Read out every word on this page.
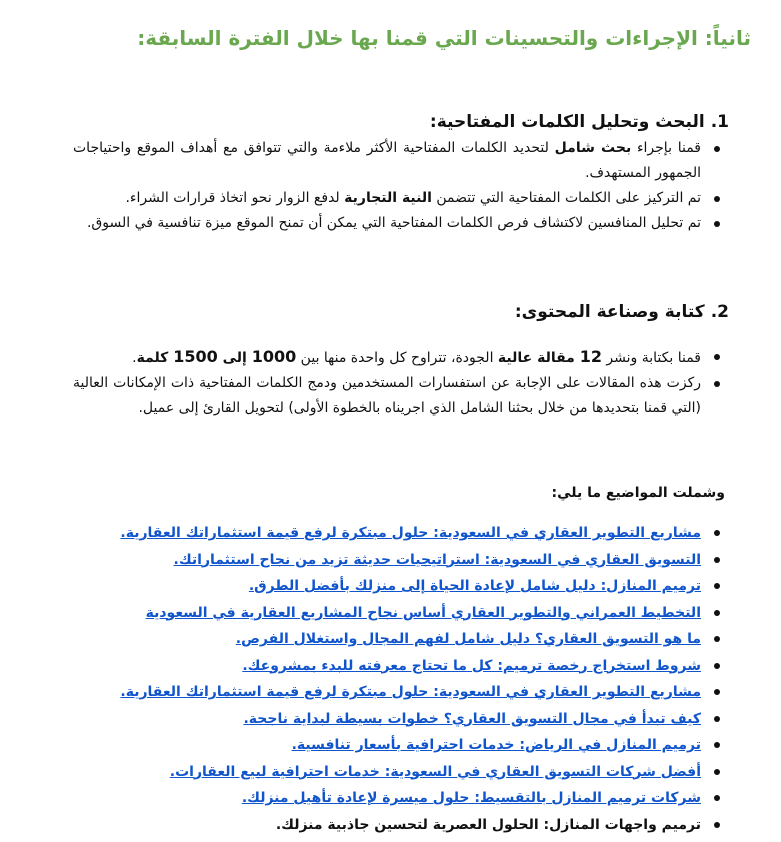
ثانياً: الإجراءات والتحسينات التي قمنا بها خلال الفترة السابقة:
1.البحث وتحليل الكلمات المفتاحية:
قمنا بإجراء بحث شامل لتحديد الكلمات المفتاحية الأكثر ملاءمة والتي تتوافق مع أهداف الموقع واحتياجات الجمهور المستهدف.
تم التركيز على الكلمات المفتاحية التي تتضمن النية التجارية لدفع الزوار نحو اتخاذ قرارات الشراء.
تم تحليل المنافسين لاكتشاف فرص الكلمات المفتاحية التي يمكن أن تمنح الموقع ميزة تنافسية في السوق.
2.كتابة وصناعة المحتوى:
قمنا بكتابة ونشر 12 مقالة عالية الجودة، تتراوح كل واحدة منها بين 1000 إلى 1500 كلمة.
ركزت هذه المقالات على الإجابة عن استفسارات المستخدمين ودمج الكلمات المفتاحية ذات الإمكانات العالية (التي قمنا بتحديدها من خلال بحثنا الشامل الذي اجريناه بالخطوة الأولى) لتحويل القارئ إلى عميل.

وشملت المواضيع ما يلي:

مشاريع التطوير العقاري في السعودية: حلول مبتكرة لرفع قيمة استثماراتك العقارية.
التسويق العقاري في السعودية: استراتيجيات حديثة تزيد من نجاح استثماراتك.
ترميم المنازل: دليل شامل لإعادة الحياة إلى منزلك بأفضل الطرق.
التخطيط العمراني والتطوير العقاري أساس نجاح المشاريع العقارية في السعودية
ما هو التسويق العقاري؟ دليل شامل لفهم المجال واستغلال الفرص.
شروط استخراج رخصة ترميم: كل ما تحتاج معرفته للبدء بمشروعك.
مشاريع التطوير العقاري في السعودية: حلول مبتكرة لرفع قيمة استثماراتك العقارية.
كيف تبدأ في مجال التسويق العقاري؟ خطوات بسيطة لبداية ناجحة.
ترميم المنازل في الرياض: خدمات احترافية بأسعار تنافسية.
أفضل شركات التسويق العقاري في السعودية: خدمات احترافية لبيع العقارات.
شركات ترميم المنازل بالتقسيط: حلول ميسرة لإعادة تأهيل منزلك.
ترميم واجهات المنازل: الحلول العصرية لتحسين جاذبية منزلك.
